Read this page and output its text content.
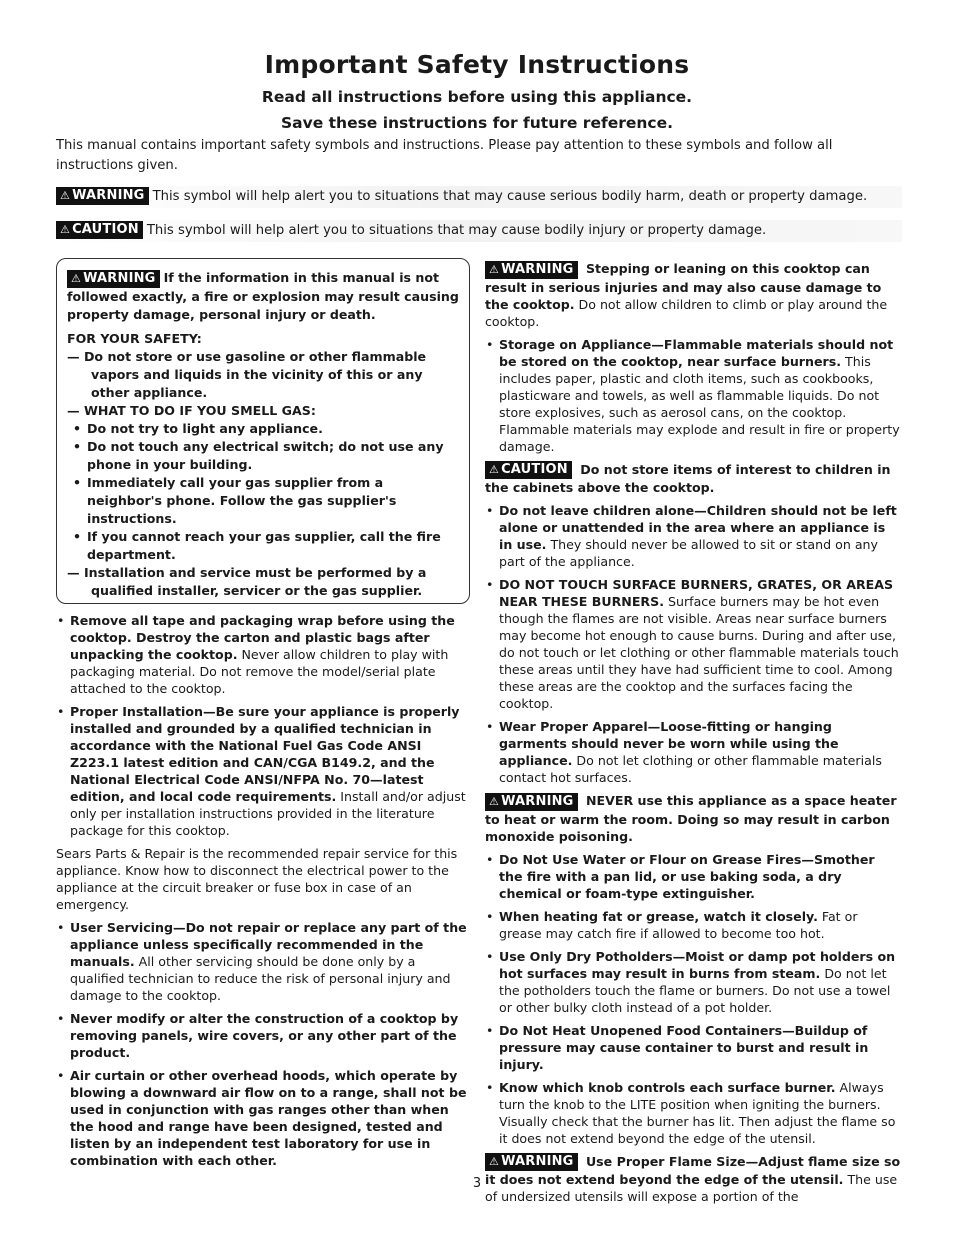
Important Safety Instructions

Read all instructions before using this appliance.

Save these instructions for future reference.

This manual contains important safety symbols and instructions. Please pay attention to these symbols and follow all instructions given.

⚠ WARNING This symbol will help alert you to situations that may cause serious bodily harm, death or property damage.
⚠ CAUTION This symbol will help alert you to situations that may cause bodily injury or property damage.

⚠ WARNING If the information in this manual is not followed exactly, a fire or explosion may result causing property damage, personal injury or death.

FOR YOUR SAFETY:

— Do not store or use gasoline or other flammable vapors and liquids in the vicinity of this or any other appliance.

— WHAT TO DO IF YOU SMELL GAS:

• Do not try to light any appliance.

• Do not touch any electrical switch; do not use any phone in your building.

• Immediately call your gas supplier from a neighbor's phone. Follow the gas supplier's instructions.

• If you cannot reach your gas supplier, call the fire department.

— Installation and service must be performed by a qualified installer, servicer or the gas supplier.

• Remove all tape and packaging wrap before using the cooktop. Destroy the carton and plastic bags after unpacking the cooktop. Never allow children to play with packaging material. Do not remove the model/serial plate attached to the cooktop.
• Proper Installation—Be sure your appliance is properly installed and grounded by a qualified technician in accordance with the National Fuel Gas Code ANSI Z223.1 latest edition and CAN/CGA B149.2, and the National Electrical Code ANSI/NFPA No. 70—latest edition, and local code requirements. Install and/or adjust only per installation instructions provided in the literature package for this cooktop.

Sears Parts & Repair is the recommended repair service for this appliance. Know how to disconnect the electrical power to the appliance at the circuit breaker or fuse box in case of an emergency.

• User Servicing—Do not repair or replace any part of the appliance unless specifically recommended in the manuals. All other servicing should be done only by a qualified technician to reduce the risk of personal injury and damage to the cooktop.
• Never modify or alter the construction of a cooktop by removing panels, wire covers, or any other part of the product.
• Air curtain or other overhead hoods, which operate by blowing a downward air flow on to a range, shall not be used in conjunction with gas ranges other than when the hood and range have been designed, tested and listen by an independent test laboratory for use in combination with each other.

⚠ WARNING Stepping or leaning on this cooktop can result in serious injuries and may also cause damage to the cooktop. Do not allow children to climb or play around the cooktop.

• Storage on Appliance—Flammable materials should not be stored on the cooktop, near surface burners. This includes paper, plastic and cloth items, such as cookbooks, plasticware and towels, as well as flammable liquids. Do not store explosives, such as aerosol cans, on the cooktop. Flammable materials may explode and result in fire or property damage.

⚠ CAUTION Do not store items of interest to children in the cabinets above the cooktop.

• Do not leave children alone—Children should not be left alone or unattended in the area where an appliance is in use. They should never be allowed to sit or stand on any part of the appliance.
• DO NOT TOUCH SURFACE BURNERS, GRATES, OR AREAS NEAR THESE BURNERS. Surface burners may be hot even though the flames are not visible. Areas near surface burners may become hot enough to cause burns. During and after use, do not touch or let clothing or other flammable materials touch these areas until they have had sufficient time to cool. Among these areas are the cooktop and the surfaces facing the cooktop.
• Wear Proper Apparel—Loose-fitting or hanging garments should never be worn while using the appliance. Do not let clothing or other flammable materials contact hot surfaces.

⚠ WARNING NEVER use this appliance as a space heater to heat or warm the room. Doing so may result in carbon monoxide poisoning.

• Do Not Use Water or Flour on Grease Fires—Smother the fire with a pan lid, or use baking soda, a dry chemical or foam-type extinguisher.
• When heating fat or grease, watch it closely. Fat or grease may catch fire if allowed to become too hot.
• Use Only Dry Potholders—Moist or damp pot holders on hot surfaces may result in burns from steam. Do not let the potholders touch the flame or burners. Do not use a towel or other bulky cloth instead of a pot holder.
• Do Not Heat Unopened Food Containers—Buildup of pressure may cause container to burst and result in injury.
• Know which knob controls each surface burner. Always turn the knob to the LITE position when igniting the burners. Visually check that the burner has lit. Then adjust the flame so it does not extend beyond the edge of the utensil.

⚠ WARNING Use Proper Flame Size—Adjust flame size so it does not extend beyond the edge of the utensil. The use of undersized utensils will expose a portion of the

3
